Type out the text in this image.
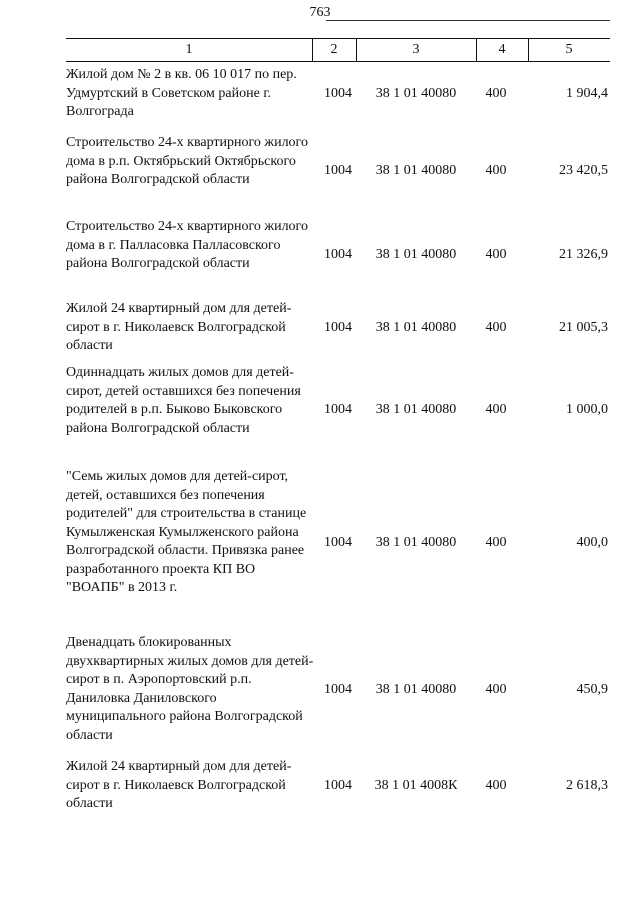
763
1	2	3	4	5
Жилой дом № 2 в кв. 06 10 017 по пер. Удмуртский в Советском районе г. Волгограда
1004	38 1 01 40080	400	1 904,4
Строительство 24-х квартирного жилого дома в р.п. Октябрьский Октябрьского района Волгоградской области
1004	38 1 01 40080	400	23 420,5
Строительство 24-х квартирного жилого дома в г. Палласовка Палласовского района Волгоградской области
1004	38 1 01 40080	400	21 326,9
Жилой 24 квартирный дом для детей-сирот в г. Николаевск Волгоградской области
1004	38 1 01 40080	400	21 005,3
Одиннадцать жилых домов для детей-сирот, детей оставшихся без попечения родителей в р.п. Быково Быковского района Волгоградской области
1004	38 1 01 40080	400	1 000,0
"Семь жилых домов для детей-сирот, детей, оставшихся без попечения родителей" для строительства в станице Кумылженская Кумылженского района Волгоградской области. Привязка ранее разработанного проекта КП ВО "ВОАПБ" в 2013 г.
1004	38 1 01 40080	400	400,0
Двенадцать блокированных двухквартирных жилых домов для детей-сирот в п. Аэропортовский р.п. Даниловка Даниловского муниципального района Волгоградской области
1004	38 1 01 40080	400	450,9
Жилой 24 квартирный дом для детей-сирот в г. Николаевск Волгоградской области
1004	38 1 01 4008К	400	2 618,3
